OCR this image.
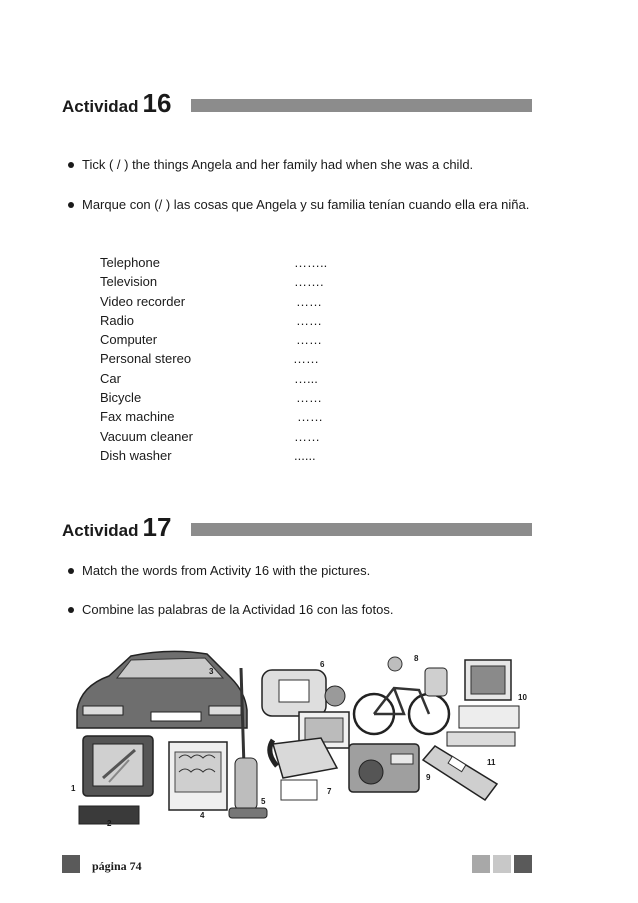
Actividad 16
Tick ( / ) the things Angela and her family had when she was a child.
Marque con (/ ) las cosas que Angela y su familia tenían cuando ella era niña.
Telephone	……..
Television	…….
Video recorder	……
Radio	……
Computer	……
Personal stereo	……
Car	…...
Bicycle	……
Fax machine	……
Vacuum cleaner	……
Dish washer	......
Actividad 17
Match the words from Activity 16 with the pictures.
Combine las palabras de la Actividad 16 con las fotos.
1
2
3
4
5
6
7
8
9
10
11
página 74
